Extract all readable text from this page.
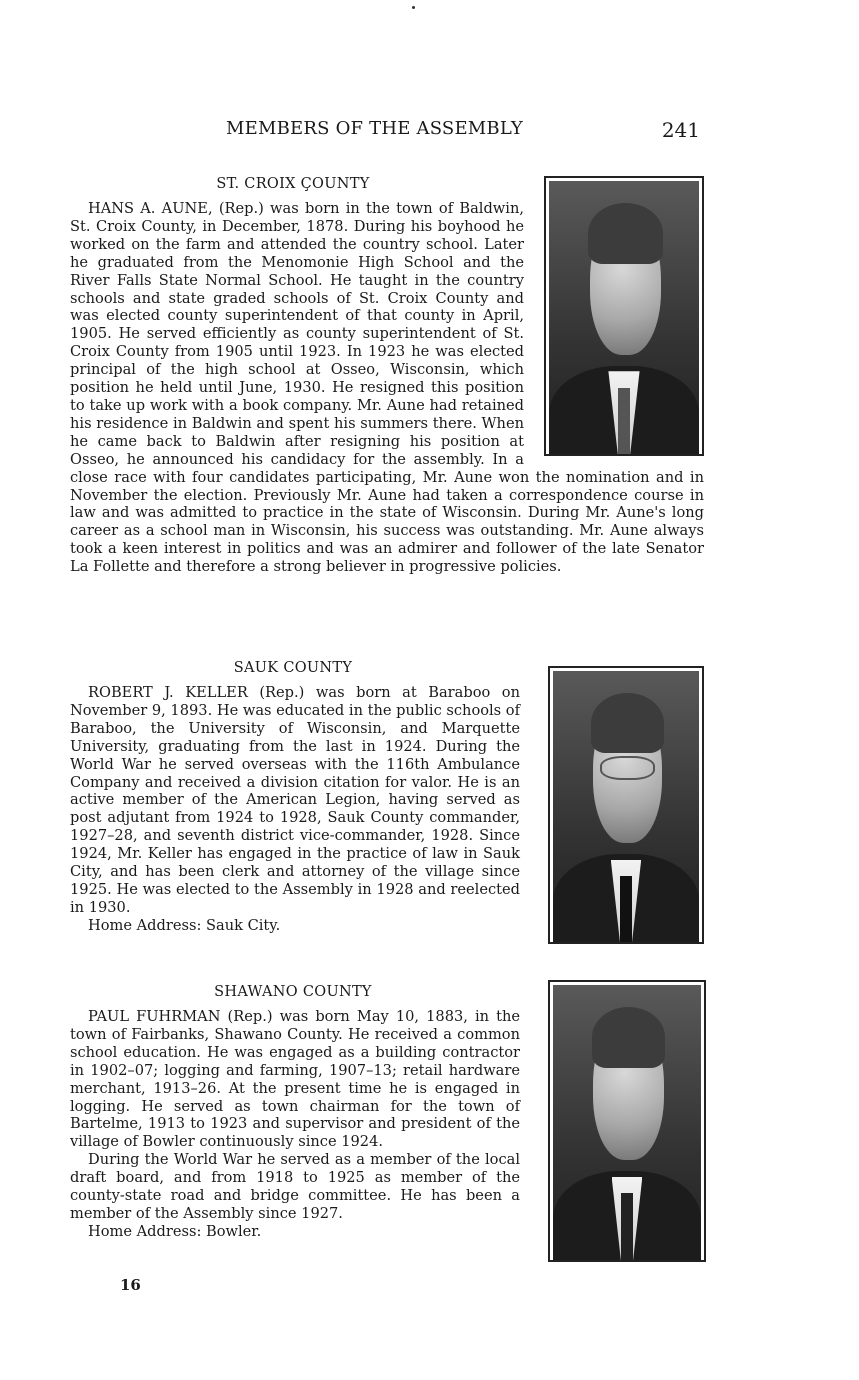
MEMBERS OF THE ASSEMBLY	241
ST. CROIX ÇOUNTY

HANS A. AUNE, (Rep.) was born in the town of Baldwin, St. Croix County, in December, 1878. During his boyhood he worked on the farm and attended the country school. Later he graduated from the Menomonie High School and the River Falls State Normal School. He taught in the country schools and state graded schools of St. Croix County and was elected county superintendent of that county in April, 1905. He served efficiently as county superintendent of St. Croix County from 1905 until 1923. In 1923 he was elected principal of the high school at Osseo, Wisconsin, which position he held until June, 1930. He resigned this position to take up work with a book company. Mr. Aune had retained his residence in Baldwin and spent his summers there. When he came back to Baldwin after resigning his position at Osseo, he announced his candidacy for the assembly. In a close race with four candidates participating, Mr. Aune won the nomination and in November the election. Previously Mr. Aune had taken a correspondence course in law and was admitted to practice in the state of Wisconsin. During Mr. Aune's long career as a school man in Wisconsin, his success was outstanding. Mr. Aune always took a keen interest in politics and was an admirer and follower of the late Senator La Follette and therefore a strong believer in progressive policies.

SAUK COUNTY

ROBERT J. KELLER (Rep.) was born at Baraboo on November 9, 1893. He was educated in the public schools of Baraboo, the University of Wisconsin, and Marquette University, graduating from the last in 1924. During the World War he served overseas with the 116th Ambulance Company and received a division citation for valor. He is an active member of the American Legion, having served as post adjutant from 1924 to 1928, Sauk County commander, 1927–28, and seventh district vice-commander, 1928. Since 1924, Mr. Keller has engaged in the practice of law in Sauk City, and has been clerk and attorney of the village since 1925. He was elected to the Assembly in 1928 and reelected in 1930.

Home Address: Sauk City.

SHAWANO COUNTY

PAUL FUHRMAN (Rep.) was born May 10, 1883, in the town of Fairbanks, Shawano County. He received a common school education. He was engaged as a building contractor in 1902–07; logging and farming, 1907–13; retail hardware merchant, 1913–26. At the present time he is engaged in logging. He served as town chairman for the town of Bartelme, 1913 to 1923 and supervisor and president of the village of Bowler continuously since 1924.

During the World War he served as a member of the local draft board, and from 1918 to 1925 as member of the county-state road and bridge committee. He has been a member of the Assembly since 1927.

Home Address: Bowler.

16
